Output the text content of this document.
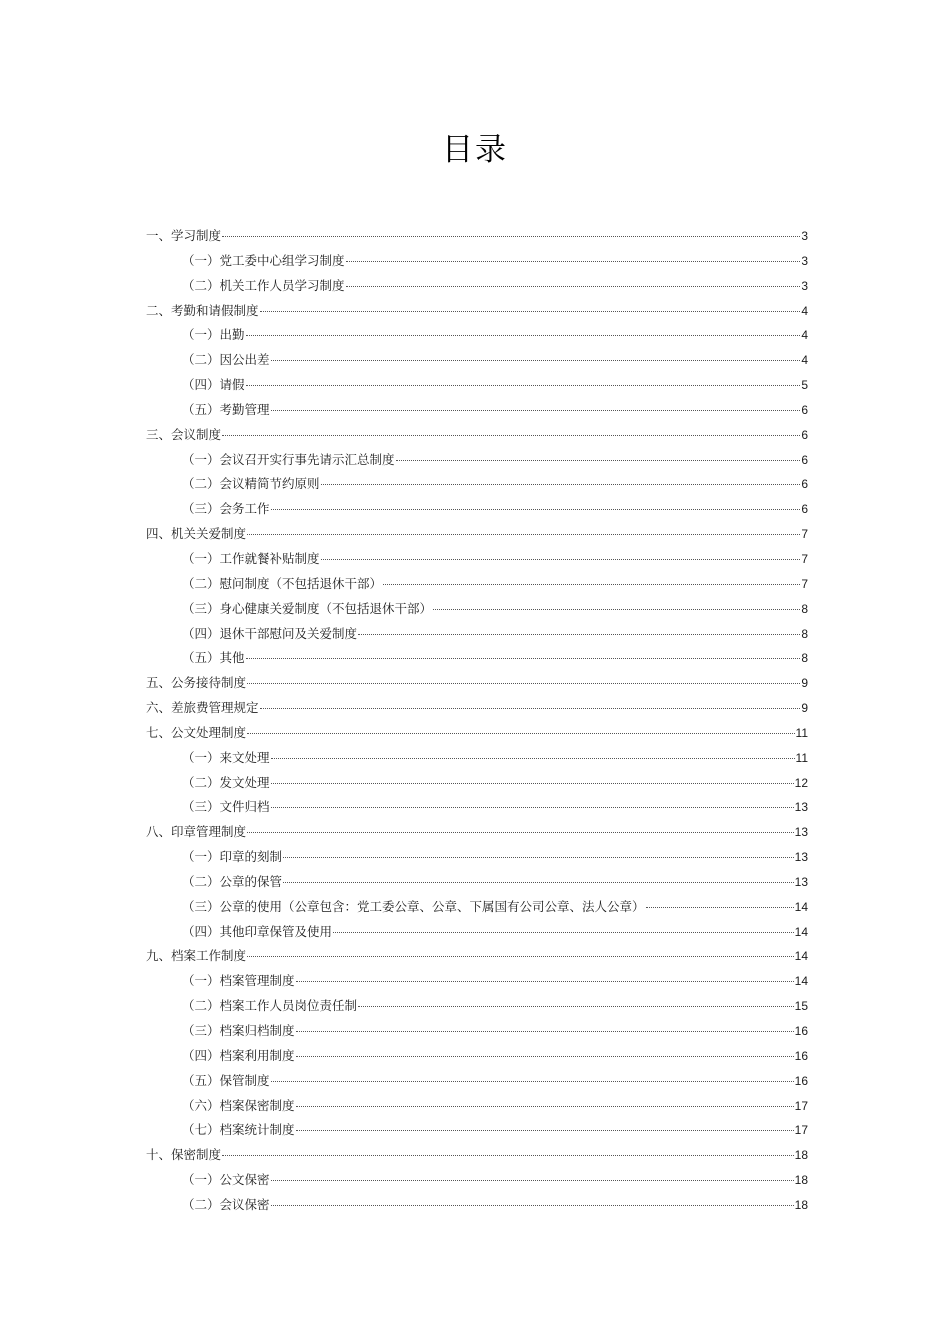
目录
一、学习制度	3
（一）党工委中心组学习制度	3
（二）机关工作人员学习制度	3
二、考勤和请假制度	4
（一）出勤	4
（二）因公出差	4
（四）请假	5
（五）考勤管理	6
三、会议制度	6
（一）会议召开实行事先请示汇总制度	6
（二）会议精简节约原则	6
（三）会务工作	6
四、机关关爱制度	7
（一）工作就餐补贴制度	7
（二）慰问制度（不包括退休干部）	7
（三）身心健康关爱制度（不包括退休干部）	8
（四）退休干部慰问及关爱制度	8
（五）其他	8
五、公务接待制度	9
六、差旅费管理规定	9
七、公文处理制度	11
（一）来文处理	11
（二）发文处理	12
（三）文件归档	13
八、印章管理制度	13
（一）印章的刻制	13
（二）公章的保管	13
（三）公章的使用（公章包含：党工委公章、公章、下属国有公司公章、法人公章）	14
（四）其他印章保管及使用	14
九、档案工作制度	14
（一）档案管理制度	14
（二）档案工作人员岗位责任制	15
（三）档案归档制度	16
（四）档案利用制度	16
（五）保管制度	16
（六）档案保密制度	17
（七）档案统计制度	17
十、保密制度	18
（一）公文保密	18
（二）会议保密	18
